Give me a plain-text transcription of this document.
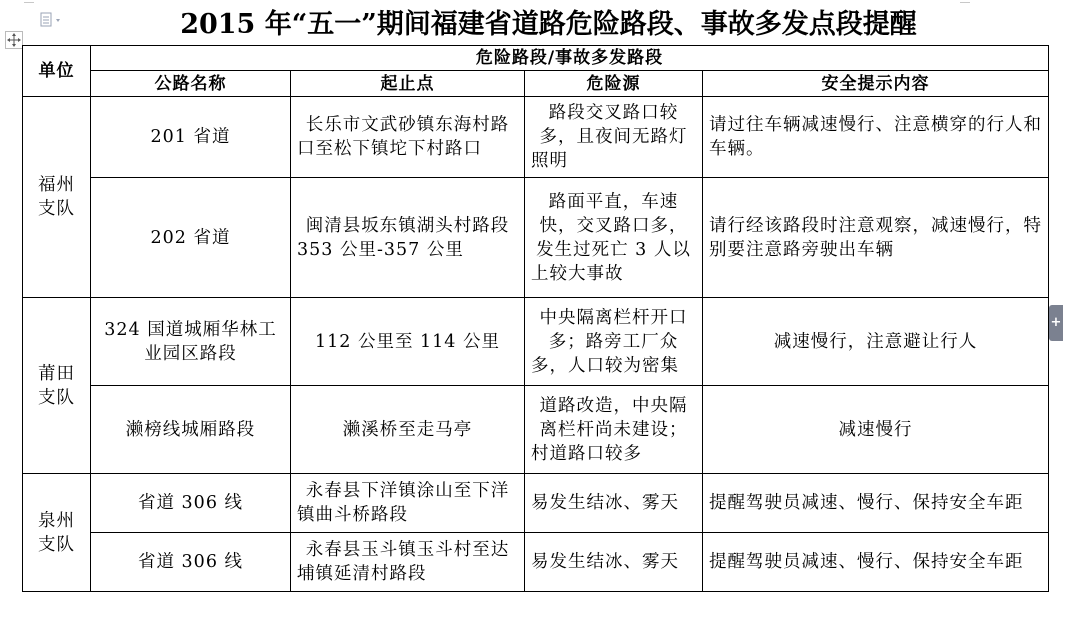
+
2015 年“五一”期间福建省道路危险路段、事故多发点段提醒
单位	危险路段/事故多发路段			
	公路名称	起止点	危险源	安全提示内容

福州支队	201 省道	长乐市文武砂镇东海村路口至松下镇坨下村路口	路段交叉路口较多，且夜间无路灯照明	请过往车辆减速慢行、注意横穿的行人和车辆。
	202 省道	闽清县坂东镇湖头村路段 353 公里-357 公里	路面平直，车速快，交叉路口多，发生过死亡 3 人以上较大事故	请行经该路段时注意观察，减速慢行，特别要注意路旁驶出车辆

莆田支队	324 国道城厢华林工业园区路段	112 公里至 114 公里	中央隔离栏杆开口多；路旁工厂众多，人口较为密集	减速慢行，注意避让行人
	濑榜线城厢路段	濑溪桥至走马亭	道路改造，中央隔离栏杆尚未建设；村道路口较多	减速慢行

泉州支队	省道 306 线	永春县下洋镇涂山至下洋镇曲斗桥路段	易发生结冰、雾天	提醒驾驶员减速、慢行、保持安全车距
	省道 306 线	永春县玉斗镇玉斗村至达埔镇延清村路段	易发生结冰、雾天	提醒驾驶员减速、慢行、保持安全车距
